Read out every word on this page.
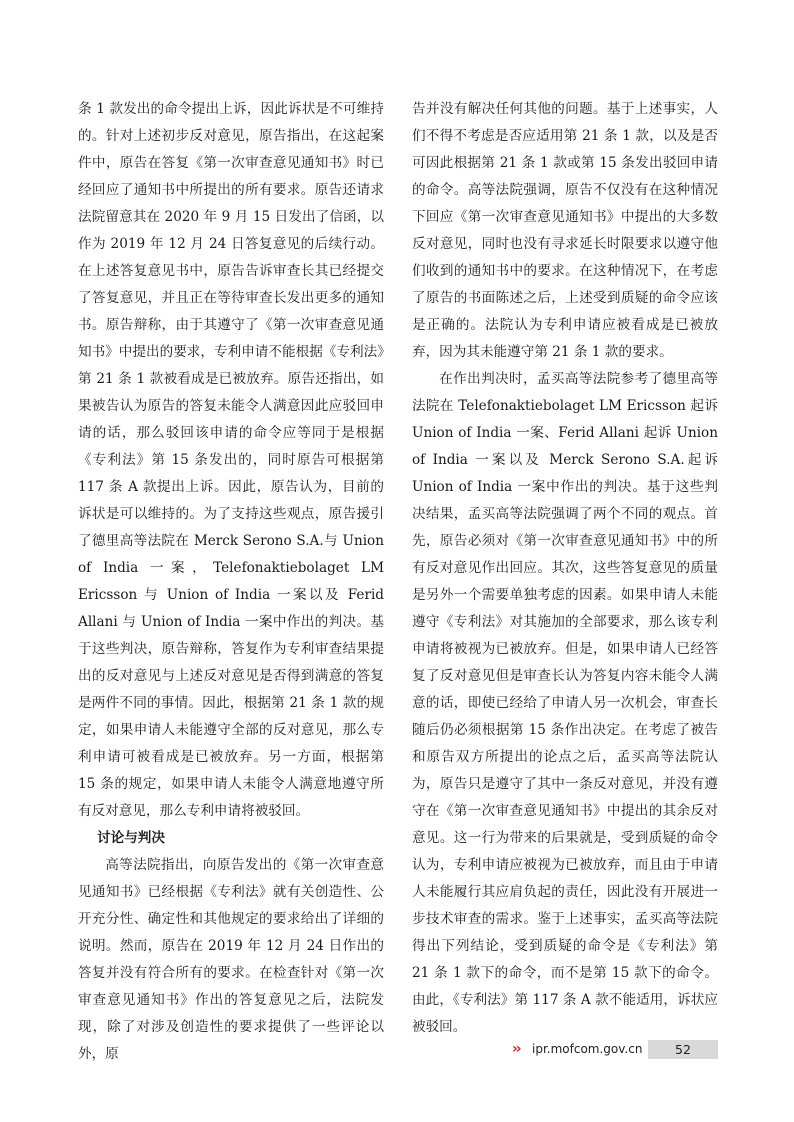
条 1 款发出的命令提出上诉，因此诉状是不可维持的。针对上述初步反对意见，原告指出，在这起案件中，原告在答复《第一次审查意见通知书》时已经回应了通知书中所提出的所有要求。原告还请求法院留意其在 2020 年 9 月 15 日发出了信函，以作为 2019 年 12 月 24 日答复意见的后续行动。在上述答复意见书中，原告告诉审查长其已经提交了答复意见，并且正在等待审查长发出更多的通知书。原告辩称，由于其遵守了《第一次审查意见通知书》中提出的要求，专利申请不能根据《专利法》第 21 条 1 款被看成是已被放弃。原告还指出，如果被告认为原告的答复未能令人满意因此应驳回申请的话，那么驳回该申请的命令应等同于是根据《专利法》第 15 条发出的，同时原告可根据第 117 条 A 款提出上诉。因此，原告认为，目前的诉状是可以维持的。为了支持这些观点，原告援引了德里高等法院在 Merck Serono S.A.与 Union of India 一案，Telefonaktiebolaget LM Ericsson 与 Union of India 一案以及 Ferid Allani 与 Union of India 一案中作出的判决。基于这些判决，原告辩称，答复作为专利审查结果提出的反对意见与上述反对意见是否得到满意的答复是两件不同的事情。因此，根据第 21 条 1 款的规定，如果申请人未能遵守全部的反对意见，那么专利申请可被看成是已被放弃。另一方面，根据第 15 条的规定，如果申请人未能令人满意地遵守所有反对意见，那么专利申请将被驳回。

讨论与判决

高等法院指出，向原告发出的《第一次审查意见通知书》已经根据《专利法》就有关创造性、公开充分性、确定性和其他规定的要求给出了详细的说明。然而，原告在 2019 年 12 月 24 日作出的答复并没有符合所有的要求。在检查针对《第一次审查意见通知书》作出的答复意见之后，法院发现，除了对涉及创造性的要求提供了一些评论以外，原

告并没有解决任何其他的问题。基于上述事实，人们不得不考虑是否应适用第 21 条 1 款，以及是否可因此根据第 21 条 1 款或第 15 条发出驳回申请的命令。高等法院强调，原告不仅没有在这种情况下回应《第一次审查意见通知书》中提出的大多数反对意见，同时也没有寻求延长时限要求以遵守他们收到的通知书中的要求。在这种情况下，在考虑了原告的书面陈述之后，上述受到质疑的命令应该是正确的。法院认为专利申请应被看成是已被放弃，因为其未能遵守第 21 条 1 款的要求。

在作出判决时，孟买高等法院参考了德里高等法院在 Telefonaktiebolaget LM Ericsson 起诉 Union of India 一案、Ferid Allani 起诉 Union of India 一案以及 Merck Serono S.A.起诉 Union of India 一案中作出的判决。基于这些判决结果，孟买高等法院强调了两个不同的观点。首先，原告必须对《第一次审查意见通知书》中的所有反对意见作出回应。其次，这些答复意见的质量是另外一个需要单独考虑的因素。如果申请人未能遵守《专利法》对其施加的全部要求，那么该专利申请将被视为已被放弃。但是，如果申请人已经答复了反对意见但是审查长认为答复内容未能令人满意的话，即使已经给了申请人另一次机会，审查长随后仍必须根据第 15 条作出决定。在考虑了被告和原告双方所提出的论点之后，孟买高等法院认为，原告只是遵守了其中一条反对意见，并没有遵守在《第一次审查意见通知书》中提出的其余反对意见。这一行为带来的后果就是，受到质疑的命令认为，专利申请应被视为已被放弃，而且由于申请人未能履行其应肩负起的责任，因此没有开展进一步技术审查的需求。鉴于上述事实，孟买高等法院得出下列结论，受到质疑的命令是《专利法》第 21 条 1 款下的命令，而不是第 15 款下的命令。由此，《专利法》第 117 条 A 款不能适用，诉状应被驳回。

›› ipr.mofcom.gov.cn	52
